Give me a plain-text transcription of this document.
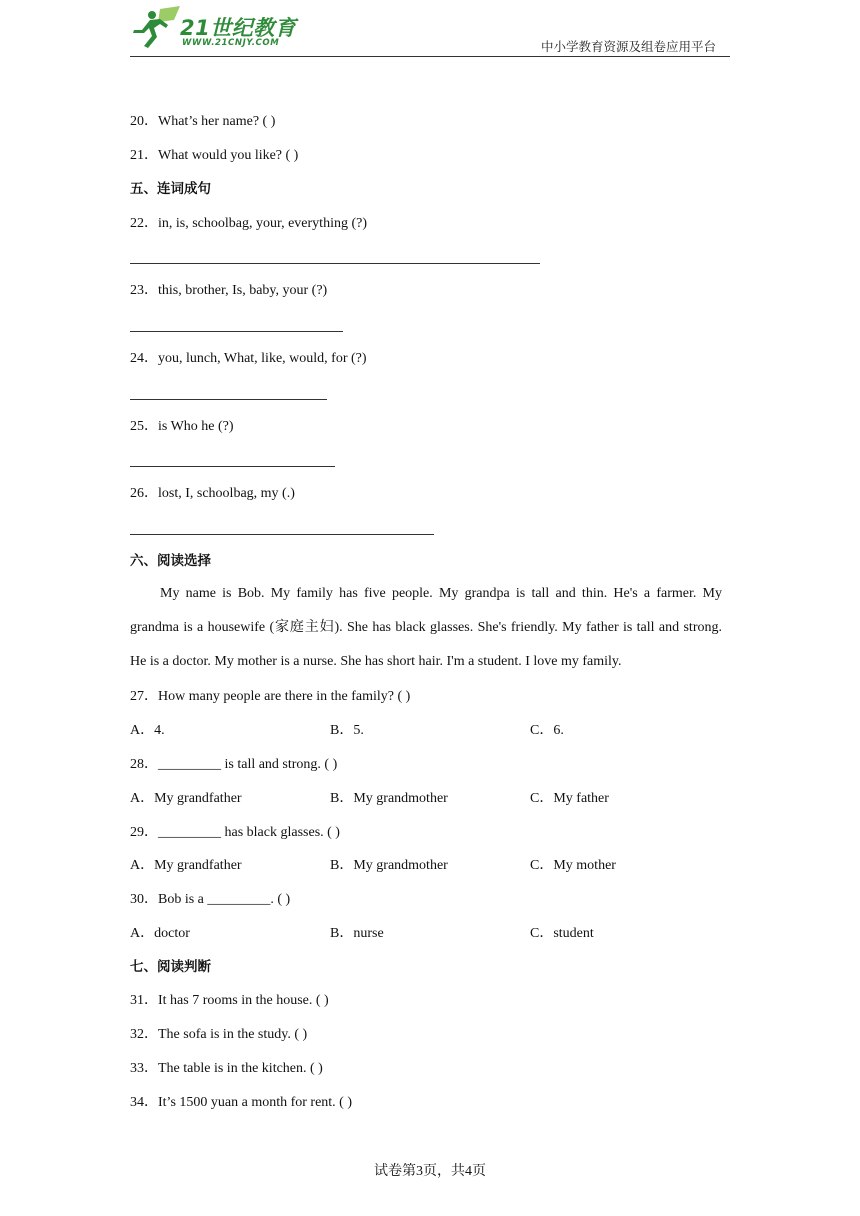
21世纪教育
WWW.21CNJY.COM	中小学教育资源及组卷应用平台
20．What’s her name? ( )
21．What would you like? ( )
五、连词成句
22．in, is, schoolbag, your, everything (?)
23．this, brother, Is, baby, your (?)
24．you, lunch, What, like, would, for (?)
25．is Who he (?)
26．lost, I, schoolbag, my (.)
六、阅读选择
My name is Bob. My family has five people. My grandpa is tall and thin. He's a farmer. My grandma is a housewife (家庭主妇). She has black glasses. She's friendly. My father is tall and strong. He is a doctor. My mother is a nurse. She has short hair. I'm a student. I love my family.
27．How many people are there in the family? ( )
A．4.	B．5.	C．6.
28．_________ is tall and strong. ( )
A．My grandfather	B．My grandmother	C．My father
29．_________ has black glasses. ( )
A．My grandfather	B．My grandmother	C．My mother
30．Bob is a _________. ( )
A．doctor	B．nurse	C．student
七、阅读判断
31．It has 7 rooms in the house. ( )
32．The sofa is in the study. ( )
33．The table is in the kitchen. ( )
34．It’s 1500 yuan a month for rent. ( )
试卷第3页，共4页
